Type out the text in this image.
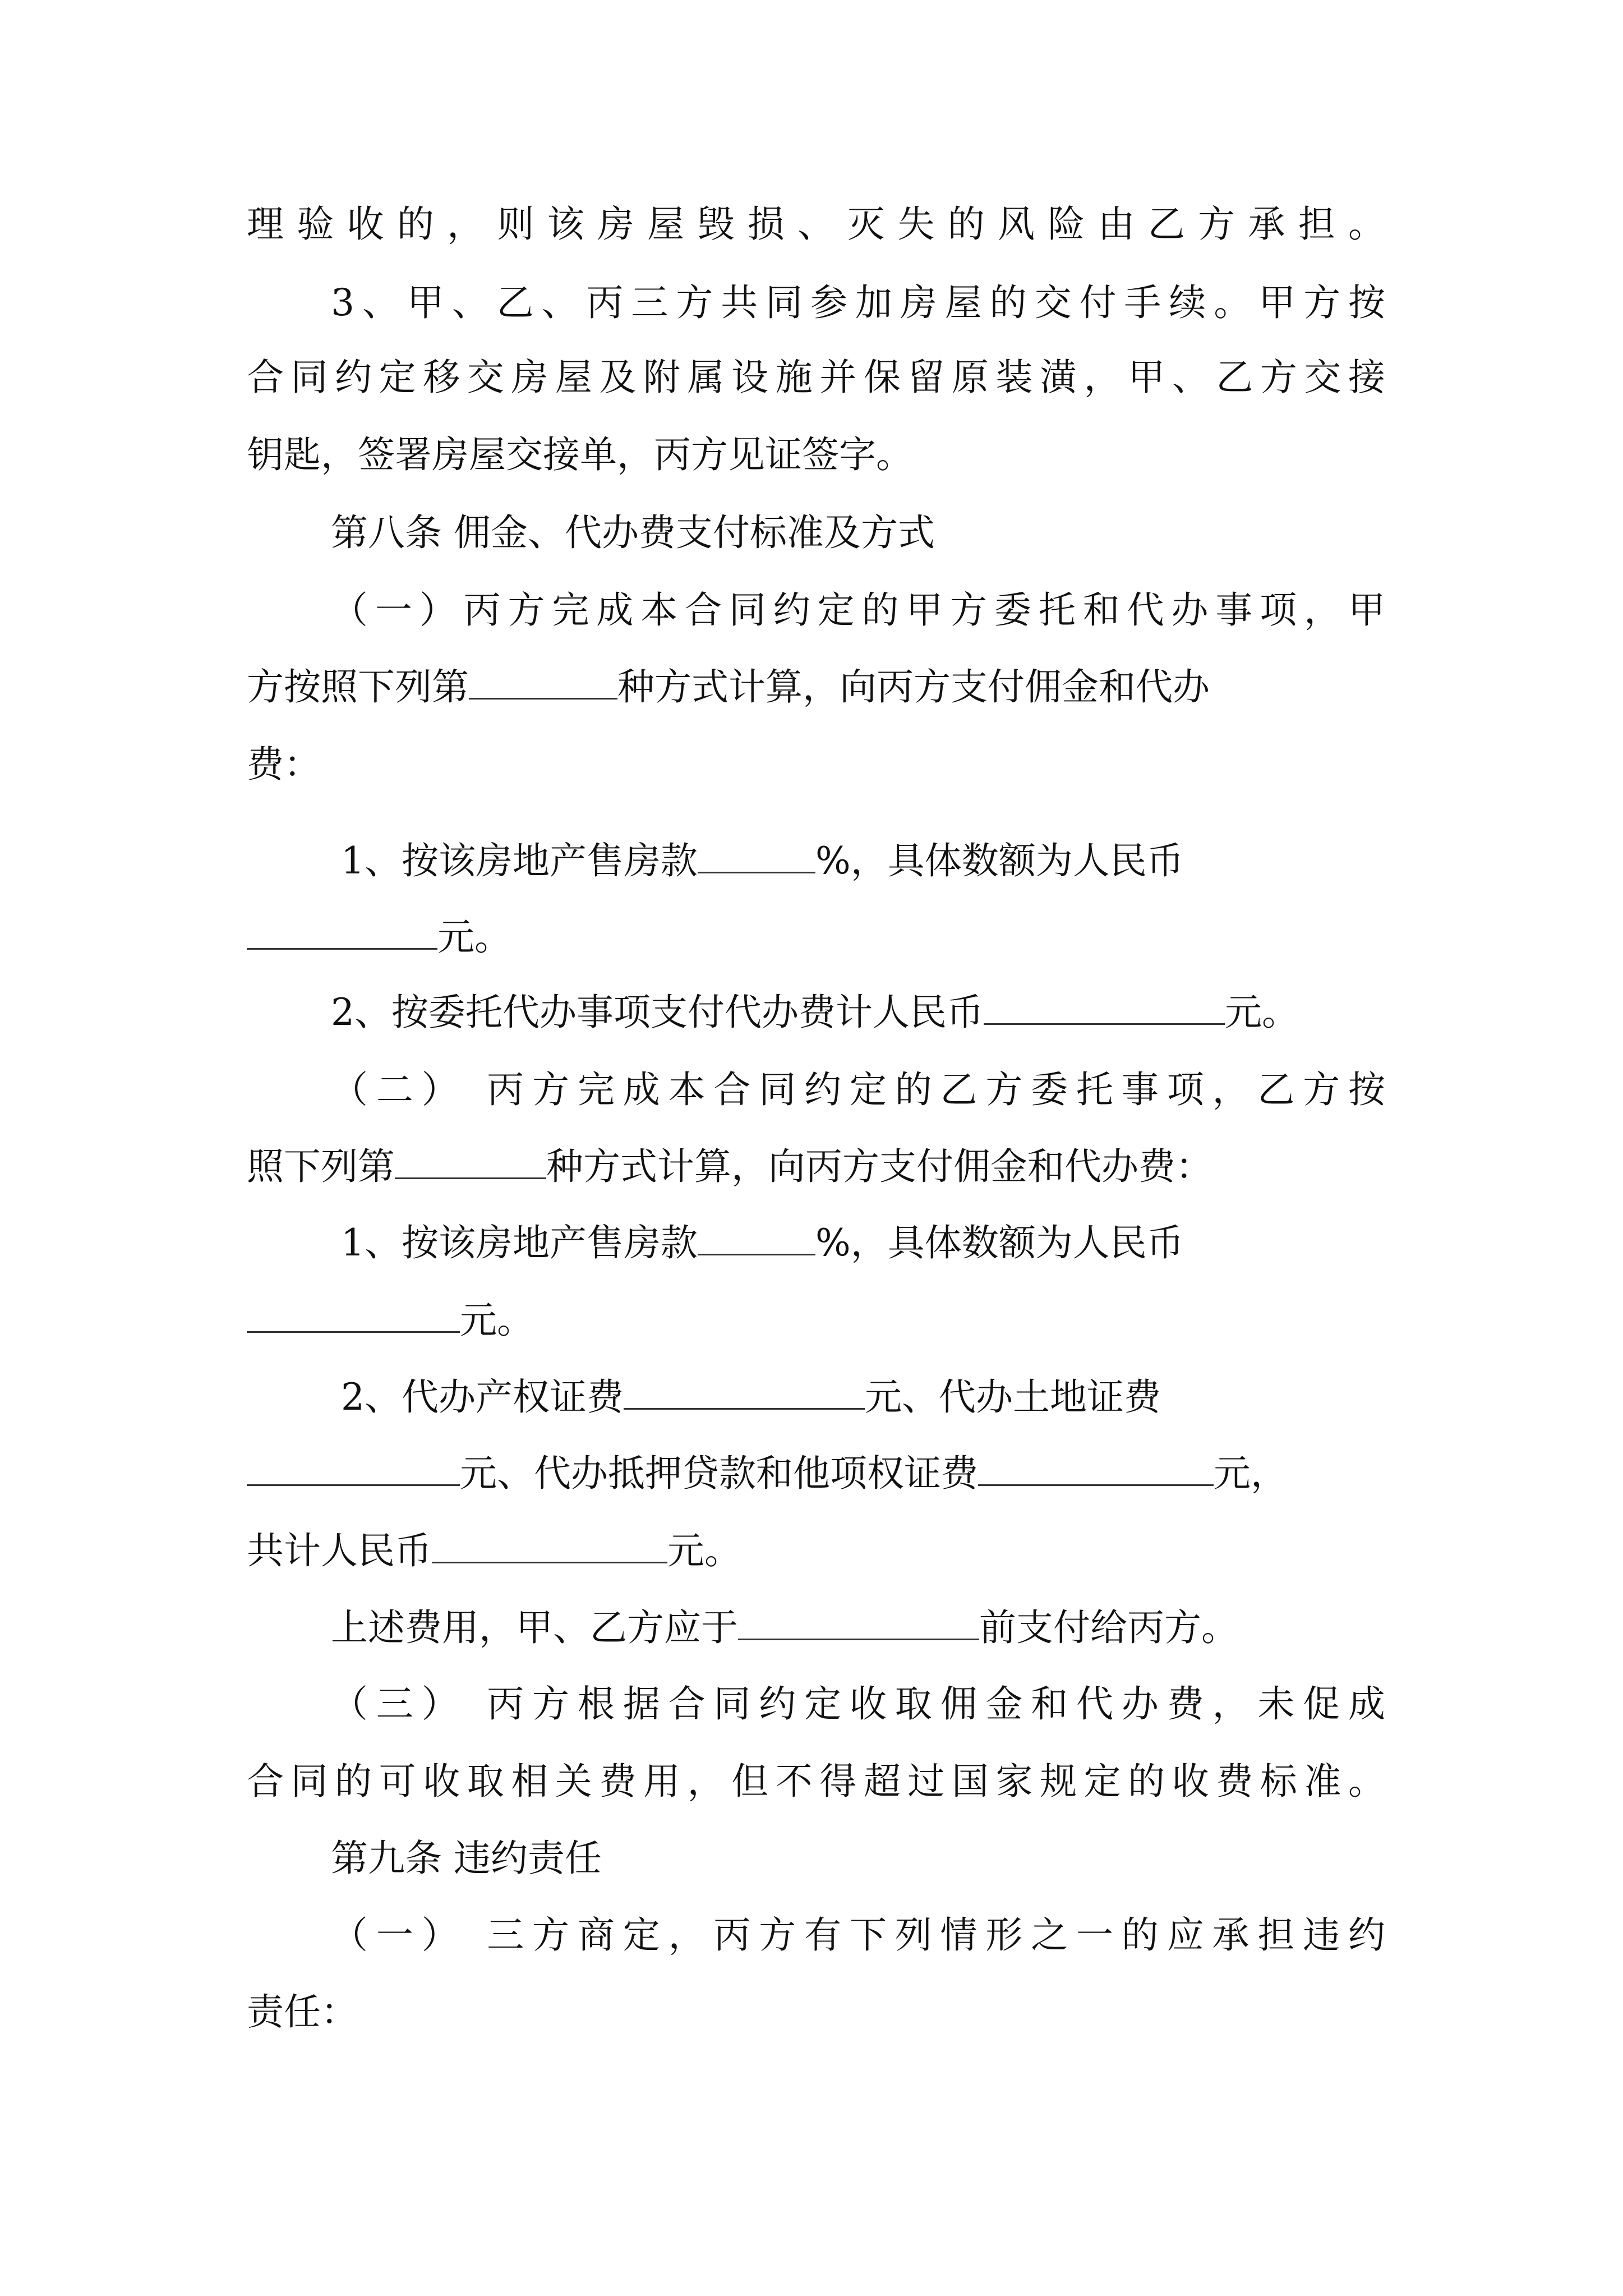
理验收的，则该房屋毁损、灭失的风险由乙方承担。
3、甲、乙、丙三方共同参加房屋的交付手续。甲方按
合同约定移交房屋及附属设施并保留原装潢，甲、乙方交接
钥匙，签署房屋交接单，丙方见证签字。
第八条 佣金、代办费支付标准及方式
（一）丙方完成本合同约定的甲方委托和代办事项，甲
方按照下列第	种方式计算，向丙方支付佣金和代办
费：
1、按该房地产售房款	%，具体数额为人民币
元。
2、按委托代办事项支付代办费计人民币	元。
（二） 丙方完成本合同约定的乙方委托事项，乙方按
照下列第	种方式计算，向丙方支付佣金和代办费：
1、按该房地产售房款	%，具体数额为人民币
元。
2、代办产权证费	元、代办土地证费
元、代办抵押贷款和他项权证费	元，
共计人民币	元。
上述费用，甲、乙方应于	前支付给丙方。
（三） 丙方根据合同约定收取佣金和代办费，未促成
合同的可收取相关费用，但不得超过国家规定的收费标准。
第九条 违约责任
（一） 三方商定，丙方有下列情形之一的应承担违约
责任：
